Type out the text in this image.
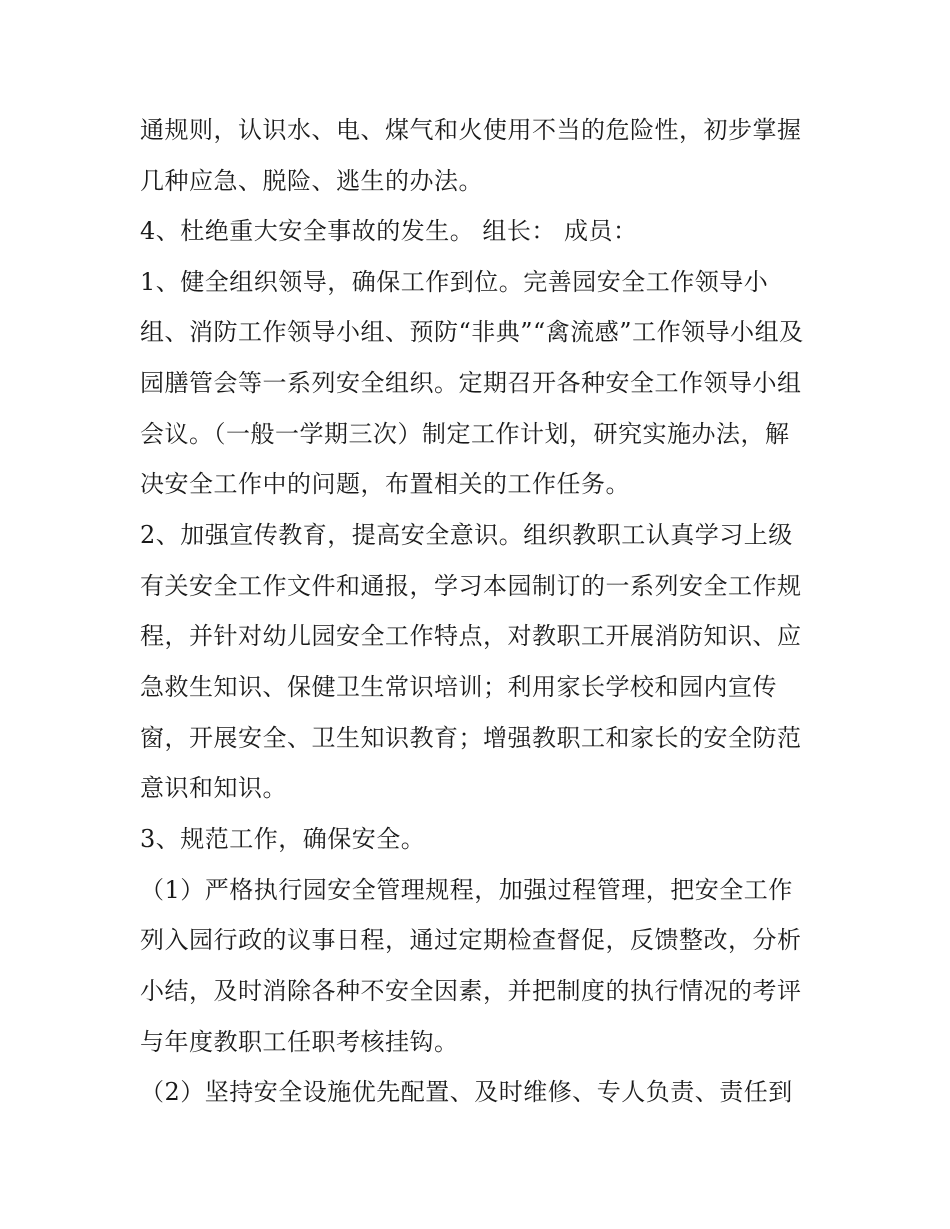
通规则，认识水、电、煤气和火使用不当的危险性，初步掌握
几种应急、脱险、逃生的办法。
4、杜绝重大安全事故的发生。 组长： 成员：
1、健全组织领导，确保工作到位。完善园安全工作领导小
组、消防工作领导小组、预防“非典”“禽流感”工作领导小组及
园膳管会等一系列安全组织。定期召开各种安全工作领导小组
会议。（一般一学期三次）制定工作计划，研究实施办法，解
决安全工作中的问题，布置相关的工作任务。
2、加强宣传教育，提高安全意识。组织教职工认真学习上级
有关安全工作文件和通报，学习本园制订的一系列安全工作规
程，并针对幼儿园安全工作特点，对教职工开展消防知识、应
急救生知识、保健卫生常识培训；利用家长学校和园内宣传
窗，开展安全、卫生知识教育；增强教职工和家长的安全防范
意识和知识。
3、规范工作，确保安全。
（1）严格执行园安全管理规程，加强过程管理，把安全工作
列入园行政的议事日程，通过定期检查督促，反馈整改，分析
小结，及时消除各种不安全因素，并把制度的执行情况的考评
与年度教职工任职考核挂钩。
（2）坚持安全设施优先配置、及时维修、专人负责、责任到
